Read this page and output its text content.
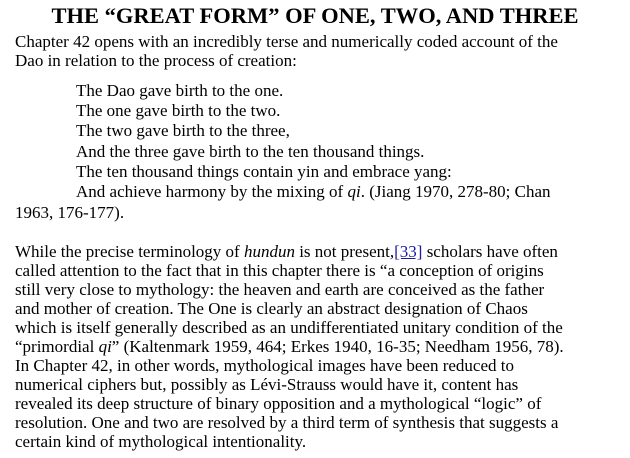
THE “GREAT FORM” OF ONE, TWO, AND THREE
Chapter 42 opens with an incredibly terse and numerically coded account of the
Dao in relation to the process of creation:
The Dao gave birth to the one.
The one gave birth to the two.
The two gave birth to the three,
And the three gave birth to the ten thousand things.
The ten thousand things contain yin and embrace yang:
And achieve harmony by the mixing of qi. (Jiang 1970, 278-80; Chan
1963, 176-177).
While the precise terminology of hundun is not present,[33] scholars have often
called attention to the fact that in this chapter there is “a conception of origins
still very close to mythology: the heaven and earth are conceived as the father
and mother of creation. The One is clearly an abstract designation of Chaos
which is itself generally described as an undifferentiated unitary condition of the
“primordial qi” (Kaltenmark 1959, 464; Erkes 1940, 16-35; Needham 1956, 78).
In Chapter 42, in other words, mythological images have been reduced to
numerical ciphers but, possibly as Lévi-Strauss would have it, content has
revealed its deep structure of binary opposition and a mythological “logic” of
resolution. One and two are resolved by a third term of synthesis that suggests a
certain kind of mythological intentionality.
